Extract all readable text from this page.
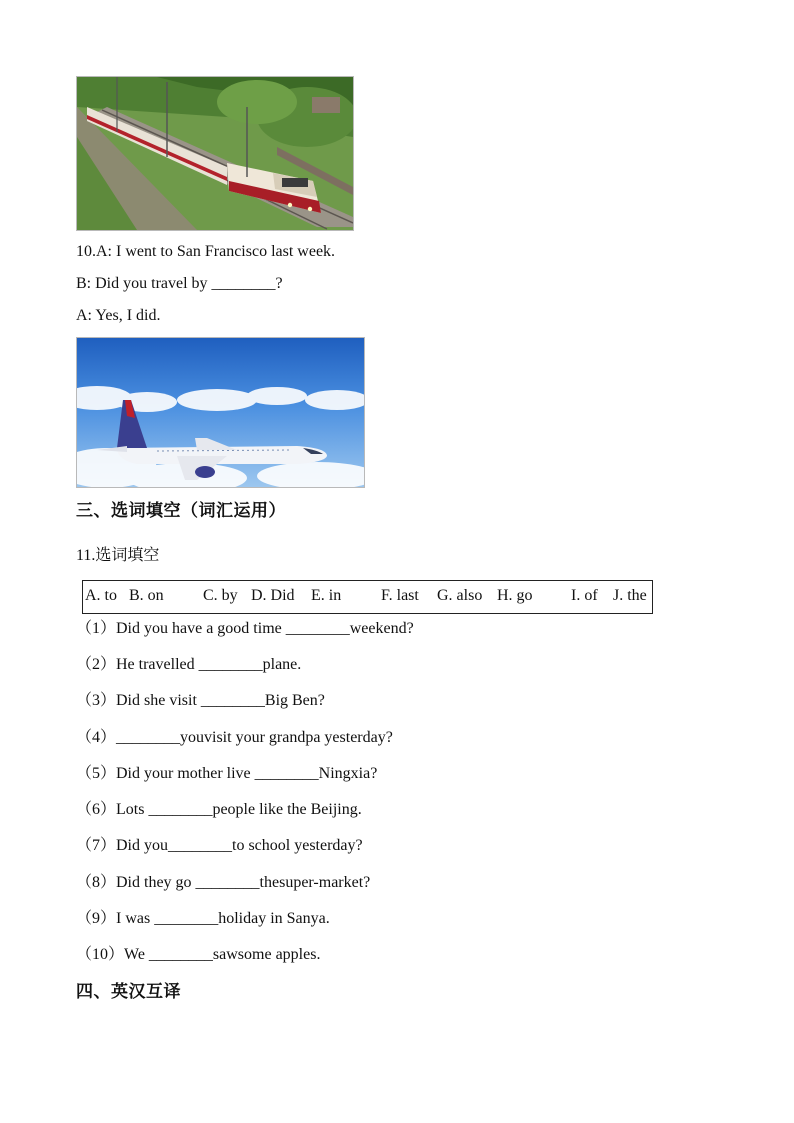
10.A: I went to San Francisco last week.
B: Did you travel by ________?
A: Yes, I did.
三、选词填空（词汇运用）
11.选词填空
A. to B. on C. by D. Did E. in F. last G. also H. go I. of J. the
（1）Did you have a good time ________weekend?
（2）He travelled ________plane.
（3）Did she visit ________Big Ben?
（4）________youvisit your grandpa yesterday?
（5）Did your mother live ________Ningxia?
（6）Lots ________people like the Beijing.
（7）Did you________to school yesterday?
（8）Did they go ________thesuper-market?
（9）I was ________holiday in Sanya.
（10）We ________sawsome apples.
四、英汉互译
